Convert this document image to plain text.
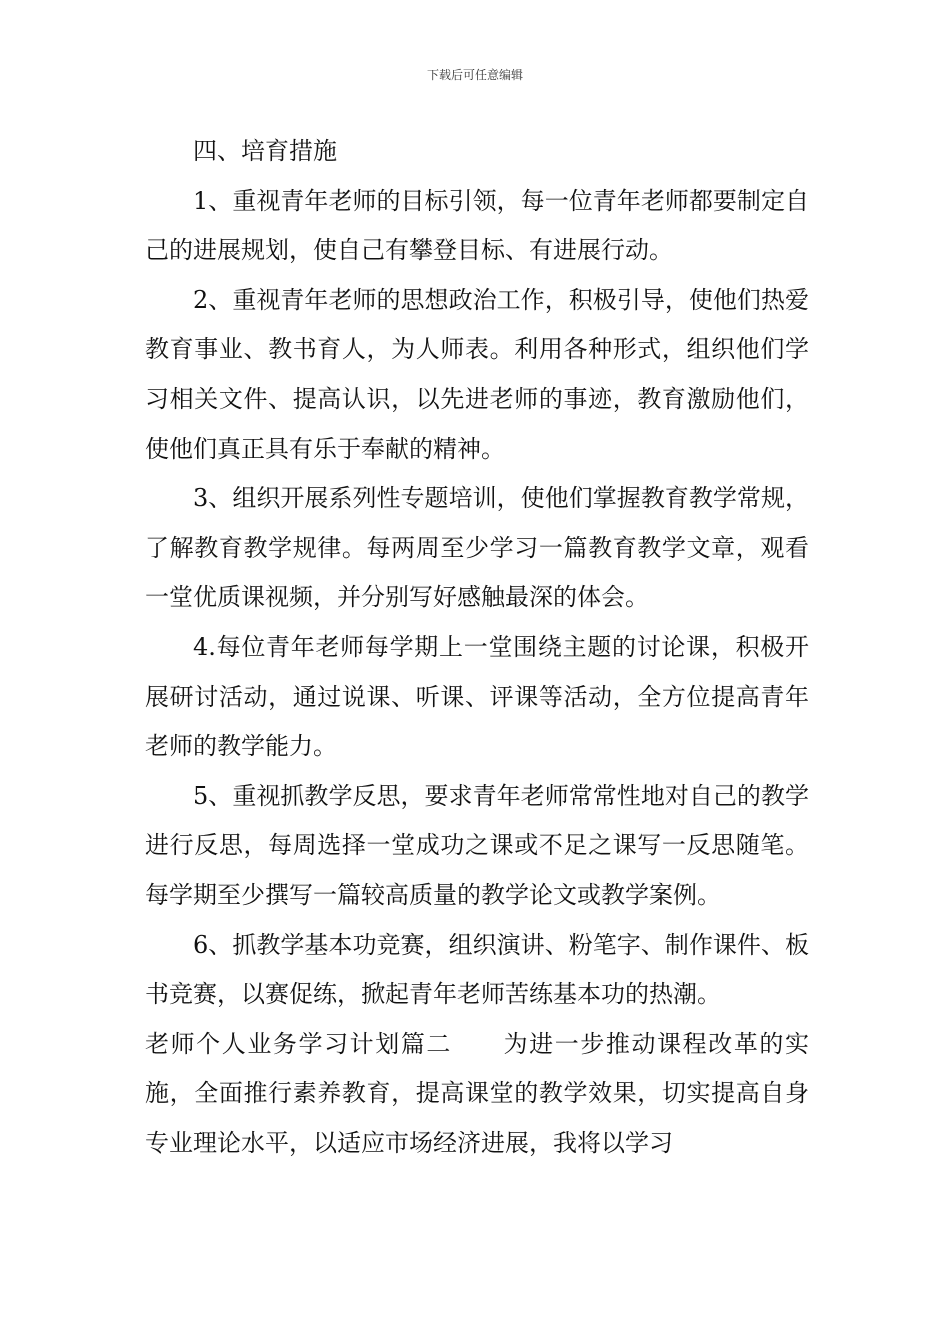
下载后可任意编辑

四、培育措施

1、重视青年老师的目标引领，每一位青年老师都要制定自己的进展规划，使自己有攀登目标、有进展行动。

2、重视青年老师的思想政治工作，积极引导，使他们热爱教育事业、教书育人，为人师表。利用各种形式，组织他们学习相关文件、提高认识，以先进老师的事迹，教育激励他们，使他们真正具有乐于奉献的精神。

3、组织开展系列性专题培训，使他们掌握教育教学常规，了解教育教学规律。每两周至少学习一篇教育教学文章，观看一堂优质课视频，并分别写好感触最深的体会。

4.每位青年老师每学期上一堂围绕主题的讨论课，积极开展研讨活动，通过说课、听课、评课等活动，全方位提高青年老师的教学能力。

5、重视抓教学反思，要求青年老师常常性地对自己的教学进行反思，每周选择一堂成功之课或不足之课写一反思随笔。每学期至少撰写一篇较高质量的教学论文或教学案例。

6、抓教学基本功竞赛，组织演讲、粉笔字、制作课件、板书竞赛，以赛促练，掀起青年老师苦练基本功的热潮。

老师个人业务学习计划篇二 为进一步推动课程改革的实施，全面推行素养教育，提高课堂的教学效果，切实提高自身专业理论水平，以适应市场经济进展，我将以学习
